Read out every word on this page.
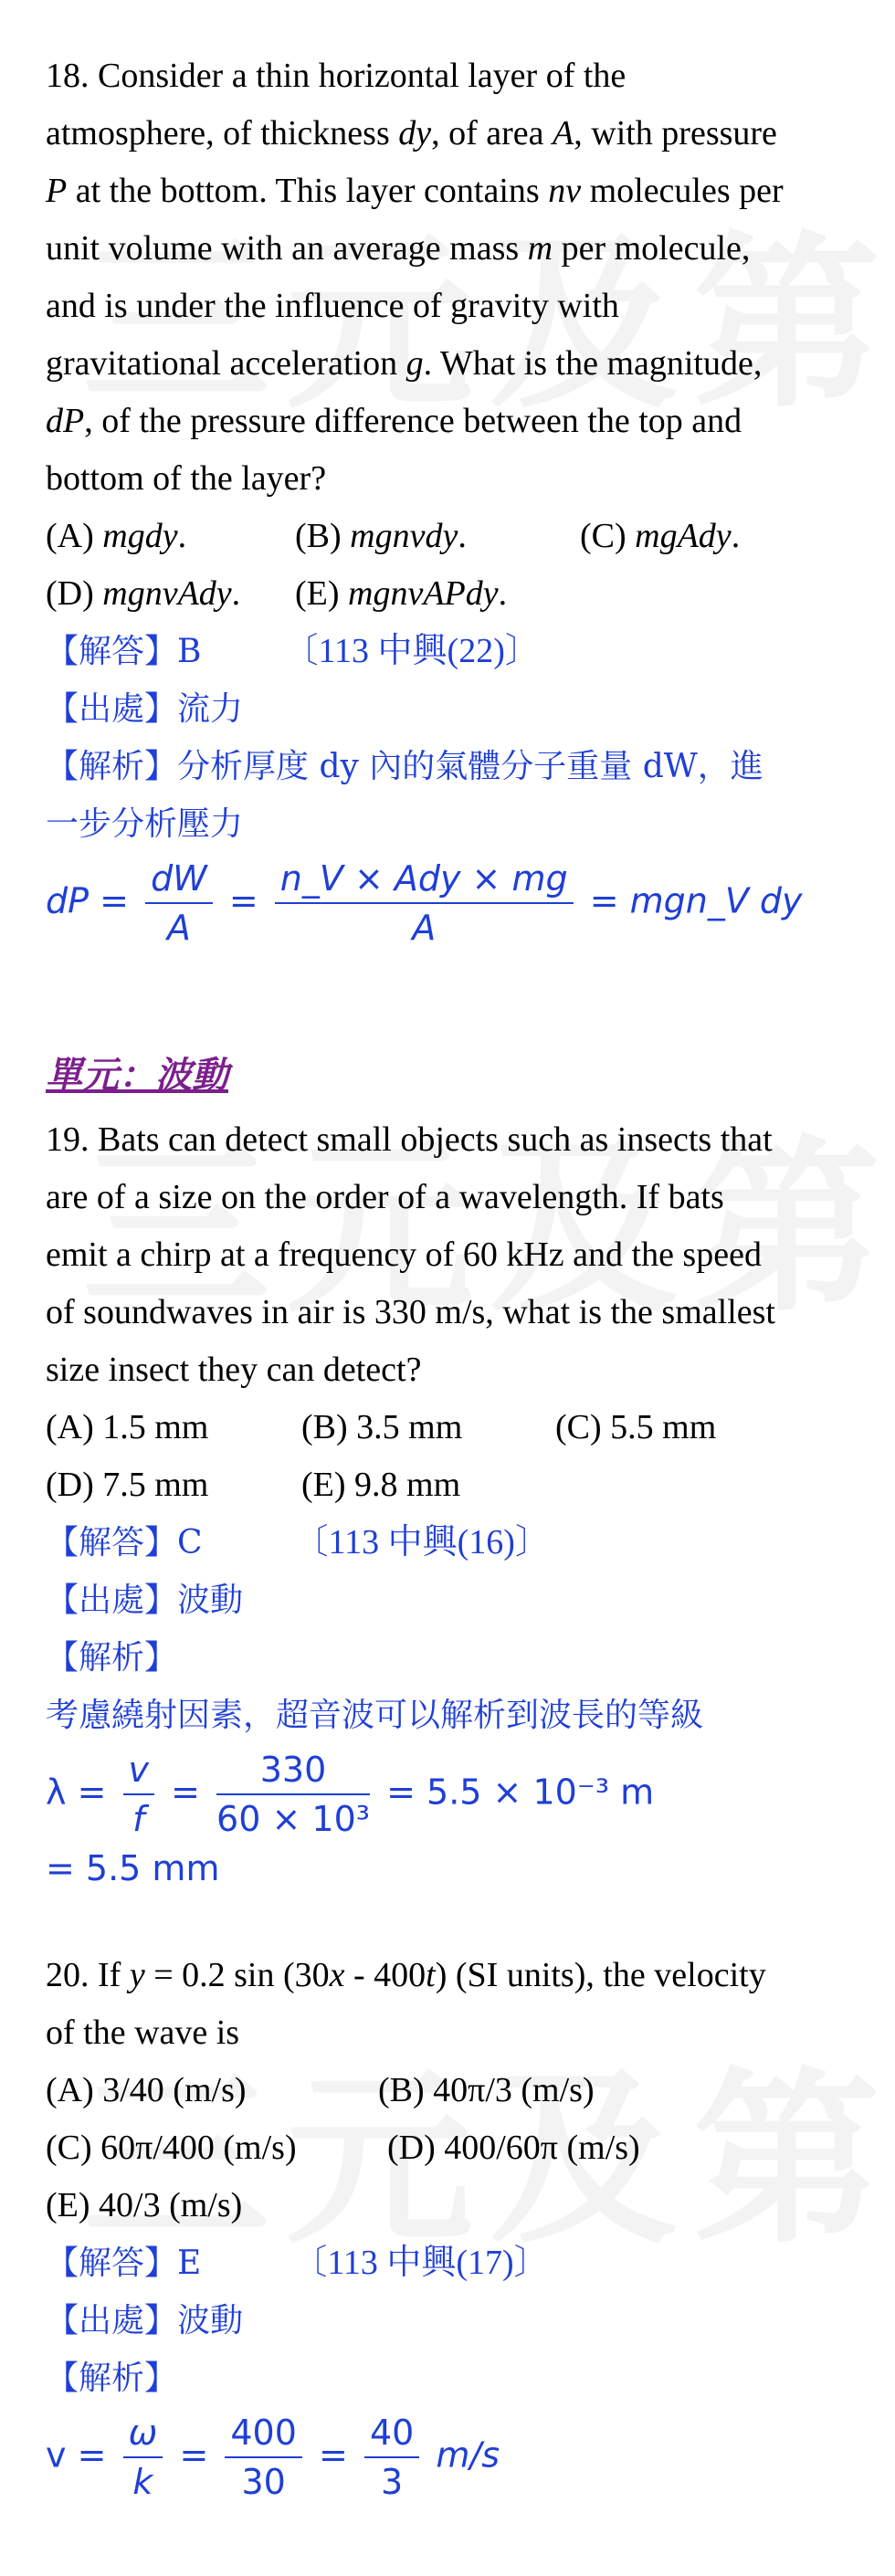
18. Consider a thin horizontal layer of the
atmosphere, of thickness dy, of area A, with pressure
P at the bottom. This layer contains nv molecules per
unit volume with an average mass m per molecule,
and is under the influence of gravity with
gravitational acceleration g. What is the magnitude,
dP, of the pressure difference between the top and
bottom of the layer?

(A) mgdy.	(B) mgnvdy.	(C) mgAdy.
(D) mgnvAdy. (E) mgnvAPdy.
【解答】B 〔113 中興(22)〕
【出處】流力
【解析】分析厚度 dy 內的氣體分子重量 dW，進
一步分析壓力
dP = $\frac{dW}{A} = \frac{\text{n\_V × Ady × mg}}{A}$ = mgn_V dy
單元：波動

19. Bats can detect small objects such as insects that
are of a size on the order of a wavelength. If bats
emit a chirp at a frequency of 60 kHz and the speed
of soundwaves in air is 330 m/s, what is the smallest
size insect they can detect?

(A) 1.5 mm	(B) 3.5 mm	(C) 5.5 mm
(D) 7.5 mm	(E) 9.8 mm
【解答】C	〔113 中興(16)〕
【出處】波動
【解析】
考慮繞射因素，超音波可以解析到波長的等級
$\lambda = \frac{v}{f} = \frac{330}{\text{60 × 10³}} = 5.5 \times 10^{-3}$ m
= 5.5 mm

20. If y = 0.2 sin (30x - 400t) (SI units), the velocity
of the wave is

(A) 3/40 (m/s)	(B) 40π/3 (m/s)
(C) 60π/400 (m/s)	(D) 400/60π (m/s)
(E) 40/3 (m/s)
【解答】E	〔113 中興(17)〕
【出處】波動
【解析】
$v = \frac{\omega}{k} = \frac{400}{30} = \frac{40}{3} m/s$
